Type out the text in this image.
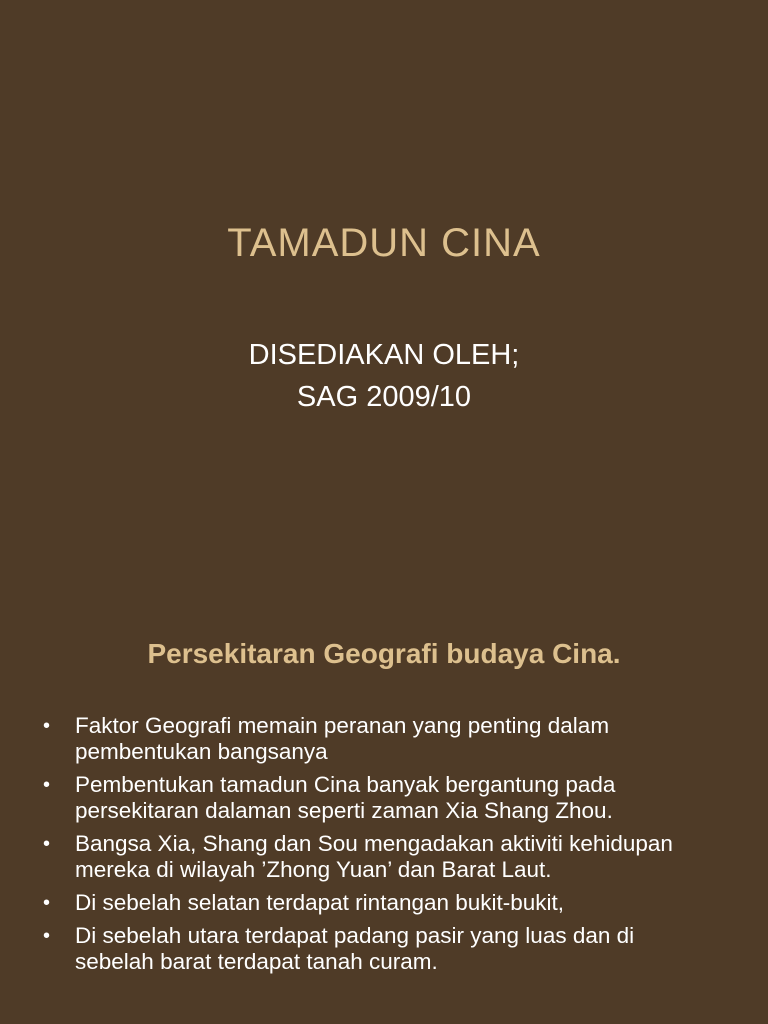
TAMADUN CINA
DISEDIAKAN OLEH;
SAG 2009/10
Persekitaran Geografi budaya Cina.
• Faktor Geografi memain peranan yang penting dalam pembentukan bangsanya
• Pembentukan tamadun Cina banyak bergantung pada persekitaran dalaman seperti zaman Xia Shang Zhou.
• Bangsa Xia, Shang dan Sou mengadakan aktiviti kehidupan mereka di wilayah ’Zhong Yuan’ dan Barat Laut.
• Di sebelah selatan terdapat rintangan bukit-bukit,
• Di sebelah utara terdapat padang pasir yang luas dan di sebelah barat terdapat tanah curam.
